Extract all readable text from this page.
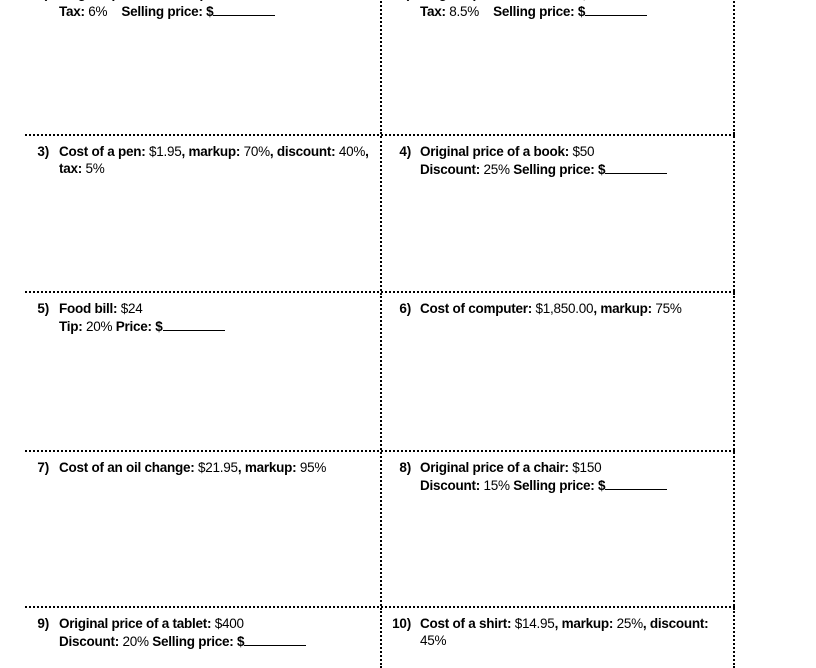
Tax: 6% Selling price: $	Tax: 8.5% Selling price: $
3) Cost of a pen: $1.95, markup: 70%, discount: 40%, tax: 5%
4) Original price of a book: $50
Discount: 25% Selling price: $
5) Food bill: $24
Tip: 20% Price: $
6) Cost of computer: $1,850.00, markup: 75%
7) Cost of an oil change: $21.95, markup: 95%	8) Original price of a chair: $150
Discount: 15% Selling price: $
9) Original price of a tablet: $400
Discount: 20% Selling price: $
10) Cost of a shirt: $14.95, markup: 25%, discount: 45%
